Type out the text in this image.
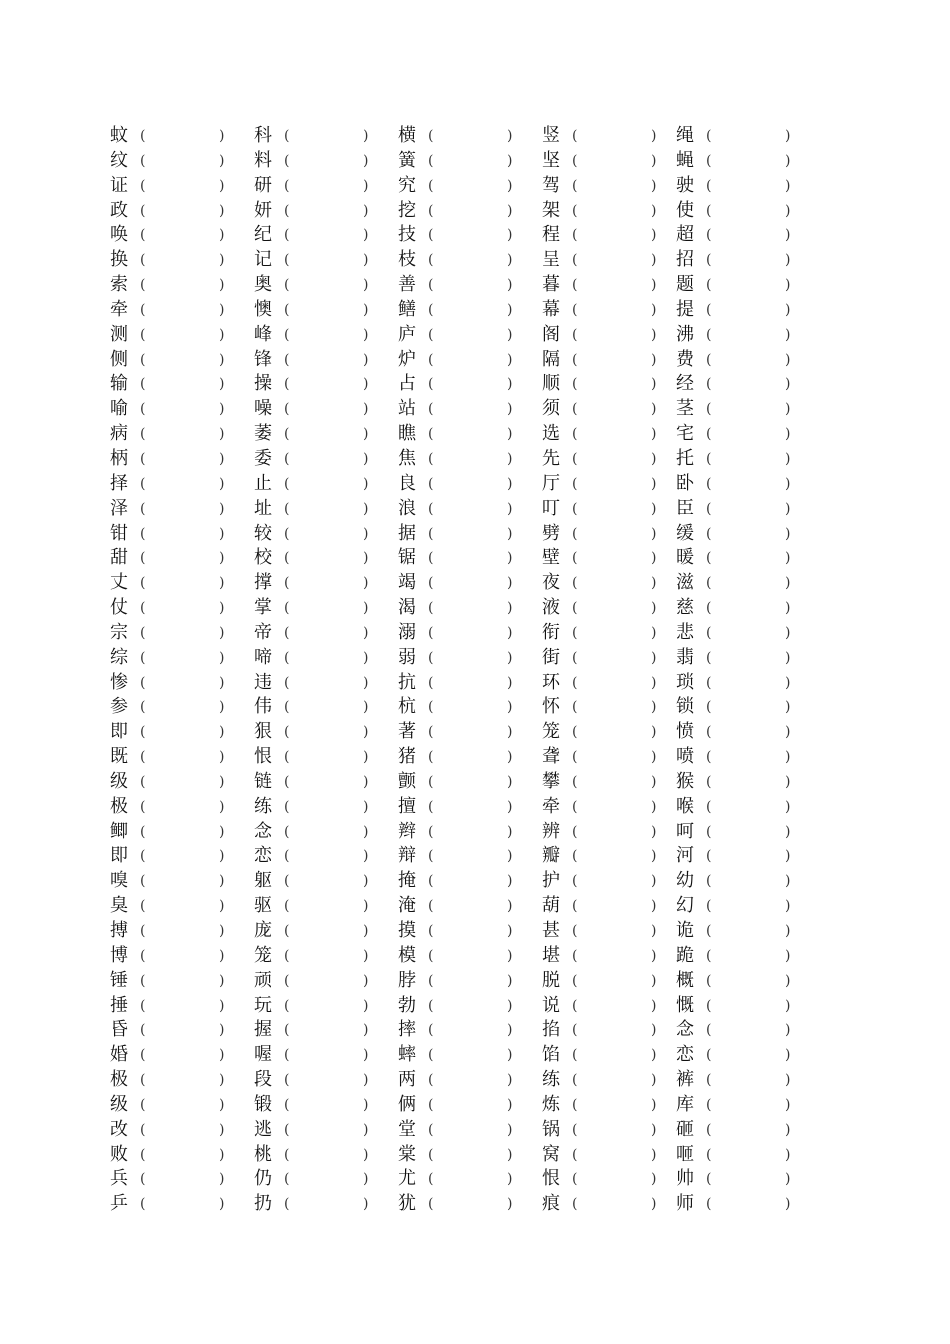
蚊 (	) 科 (	) 横 (	) 竖 (	) 绳 (	)
纹 (	) 料 (	) 簧 (	) 坚 (	) 蝇 (	)
证 (	) 研 (	) 究 (	) 驾 (	) 驶 (	)
政 (	) 妍 (	) 挖 (	) 架 (	) 使 (	)
唤 (	) 纪 (	) 技 (	) 程 (	) 超 (	)
换 (	) 记 (	) 枝 (	) 呈 (	) 招 (	)
索 (	) 奥 (	) 善 (	) 暮 (	) 题 (	)
牵 (	) 懊 (	) 鳝 (	) 幕 (	) 提 (	)
测 (	) 峰 (	) 庐 (	) 阁 (	) 沸 (	)
侧 (	) 锋 (	) 炉 (	) 隔 (	) 费 (	)
输 (	) 操 (	) 占 (	) 顺 (	) 经 (	)
喻 (	) 噪 (	) 站 (	) 须 (	) 茎 (	)
病 (	) 萎 (	) 瞧 (	) 选 (	) 宅 (	)
柄 (	) 委 (	) 焦 (	) 先 (	) 托 (	)
择 (	) 止 (	) 良 (	) 厅 (	) 卧 (	)
泽 (	) 址 (	) 浪 (	) 叮 (	) 臣 (	)
钳 (	) 较 (	) 据 (	) 劈 (	) 缓 (	)
甜 (	) 校 (	) 锯 (	) 壁 (	) 暖 (	)
丈 (	) 撑 (	) 竭 (	) 夜 (	) 滋 (	)
仗 (	) 掌 (	) 渴 (	) 液 (	) 慈 (	)
宗 (	) 帝 (	) 溺 (	) 衔 (	) 悲 (	)
综 (	) 啼 (	) 弱 (	) 街 (	) 翡 (	)
惨 (	) 违 (	) 抗 (	) 环 (	) 琐 (	)
参 (	) 伟 (	) 杭 (	) 怀 (	) 锁 (	)
即 (	) 狠 (	) 著 (	) 笼 (	) 愤 (	)
既 (	) 恨 (	) 猪 (	) 聋 (	) 喷 (	)
级 (	) 链 (	) 颤 (	) 攀 (	) 猴 (	)
极 (	) 练 (	) 擅 (	) 牵 (	) 喉 (	)
鲫 (	) 念 (	) 辫 (	) 辨 (	) 呵 (	)
即 (	) 恋 (	) 辩 (	) 瓣 (	) 河 (	)
嗅 (	) 躯 (	) 掩 (	) 护 (	) 幼 (	)
臭 (	) 驱 (	) 淹 (	) 葫 (	) 幻 (	)
搏 (	) 庞 (	) 摸 (	) 甚 (	) 诡 (	)
博 (	) 笼 (	) 模 (	) 堪 (	) 跪 (	)
锤 (	) 顽 (	) 脖 (	) 脱 (	) 概 (	)
捶 (	) 玩 (	) 勃 (	) 说 (	) 慨 (	)
昏 (	) 握 (	) 摔 (	) 掐 (	) 念 (	)
婚 (	) 喔 (	) 蟀 (	) 馅 (	) 恋 (	)
极 (	) 段 (	) 两 (	) 练 (	) 裤 (	)
级 (	) 锻 (	) 俩 (	) 炼 (	) 库 (	)
改 (	) 逃 (	) 堂 (	) 锅 (	) 砸 (	)
败 (	) 桃 (	) 棠 (	) 窝 (	) 咂 (	)
兵 (	) 仍 (	) 尤 (	) 恨 (	) 帅 (	)
乒 (	) 扔 (	) 犹 (	) 痕 (	) 师 (	)
